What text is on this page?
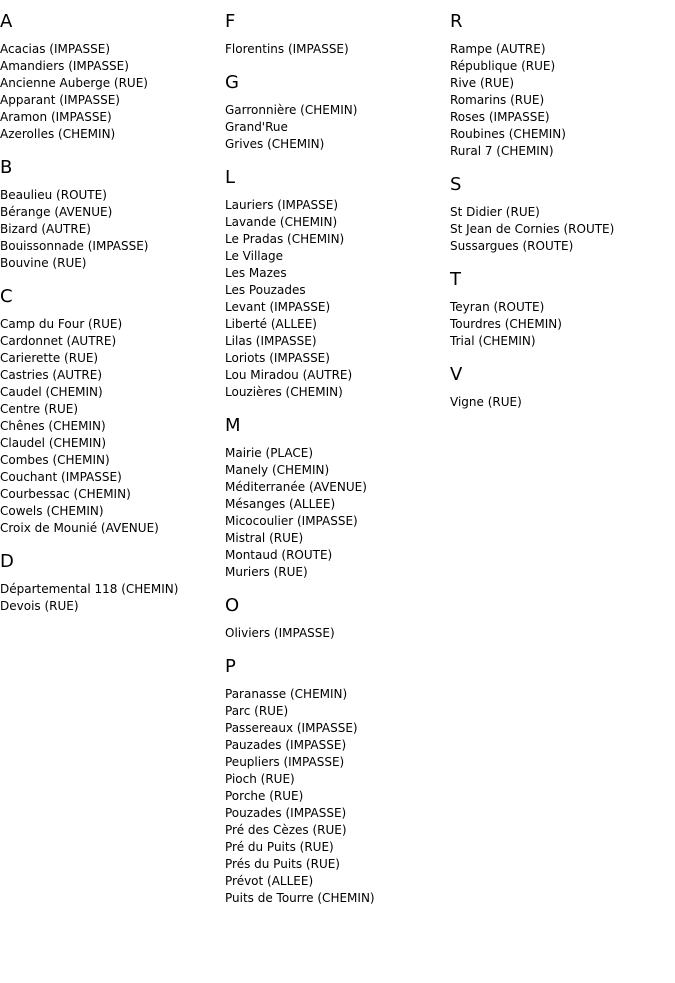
A
Acacias (IMPASSE)
Amandiers (IMPASSE)
Ancienne Auberge (RUE)
Apparant (IMPASSE)
Aramon (IMPASSE)
Azerolles (CHEMIN)
B
Beaulieu (ROUTE)
Bérange (AVENUE)
Bizard (AUTRE)
Bouissonnade (IMPASSE)
Bouvine (RUE)
C
Camp du Four (RUE)
Cardonnet (AUTRE)
Carierette (RUE)
Castries (AUTRE)
Caudel (CHEMIN)
Centre (RUE)
Chênes (CHEMIN)
Claudel (CHEMIN)
Combes (CHEMIN)
Couchant (IMPASSE)
Courbessac (CHEMIN)
Cowels (CHEMIN)
Croix de Mounié (AVENUE)
D
Départemental 118 (CHEMIN)
Devois (RUE)
F
Florentins (IMPASSE)
G
Garronnière (CHEMIN)
Grand'Rue
Grives (CHEMIN)
L
Lauriers (IMPASSE)
Lavande (CHEMIN)
Le Pradas (CHEMIN)
Le Village
Les Mazes
Les Pouzades
Levant (IMPASSE)
Liberté (ALLEE)
Lilas (IMPASSE)
Loriots (IMPASSE)
Lou Miradou (AUTRE)
Louzières (CHEMIN)
M
Mairie (PLACE)
Manely (CHEMIN)
Méditerranée (AVENUE)
Mésanges (ALLEE)
Micocoulier (IMPASSE)
Mistral (RUE)
Montaud (ROUTE)
Muriers (RUE)
O
Oliviers (IMPASSE)
P
Paranasse (CHEMIN)
Parc (RUE)
Passereaux (IMPASSE)
Pauzades (IMPASSE)
Peupliers (IMPASSE)
Pioch (RUE)
Porche (RUE)
Pouzades (IMPASSE)
Pré des Cèzes (RUE)
Pré du Puits (RUE)
Prés du Puits (RUE)
Prévot (ALLEE)
Puits de Tourre (CHEMIN)
R
Rampe (AUTRE)
République (RUE)
Rive (RUE)
Romarins (RUE)
Roses (IMPASSE)
Roubines (CHEMIN)
Rural 7 (CHEMIN)
S
St Didier (RUE)
St Jean de Cornies (ROUTE)
Sussargues (ROUTE)
T
Teyran (ROUTE)
Tourdres (CHEMIN)
Trial (CHEMIN)
V
Vigne (RUE)
